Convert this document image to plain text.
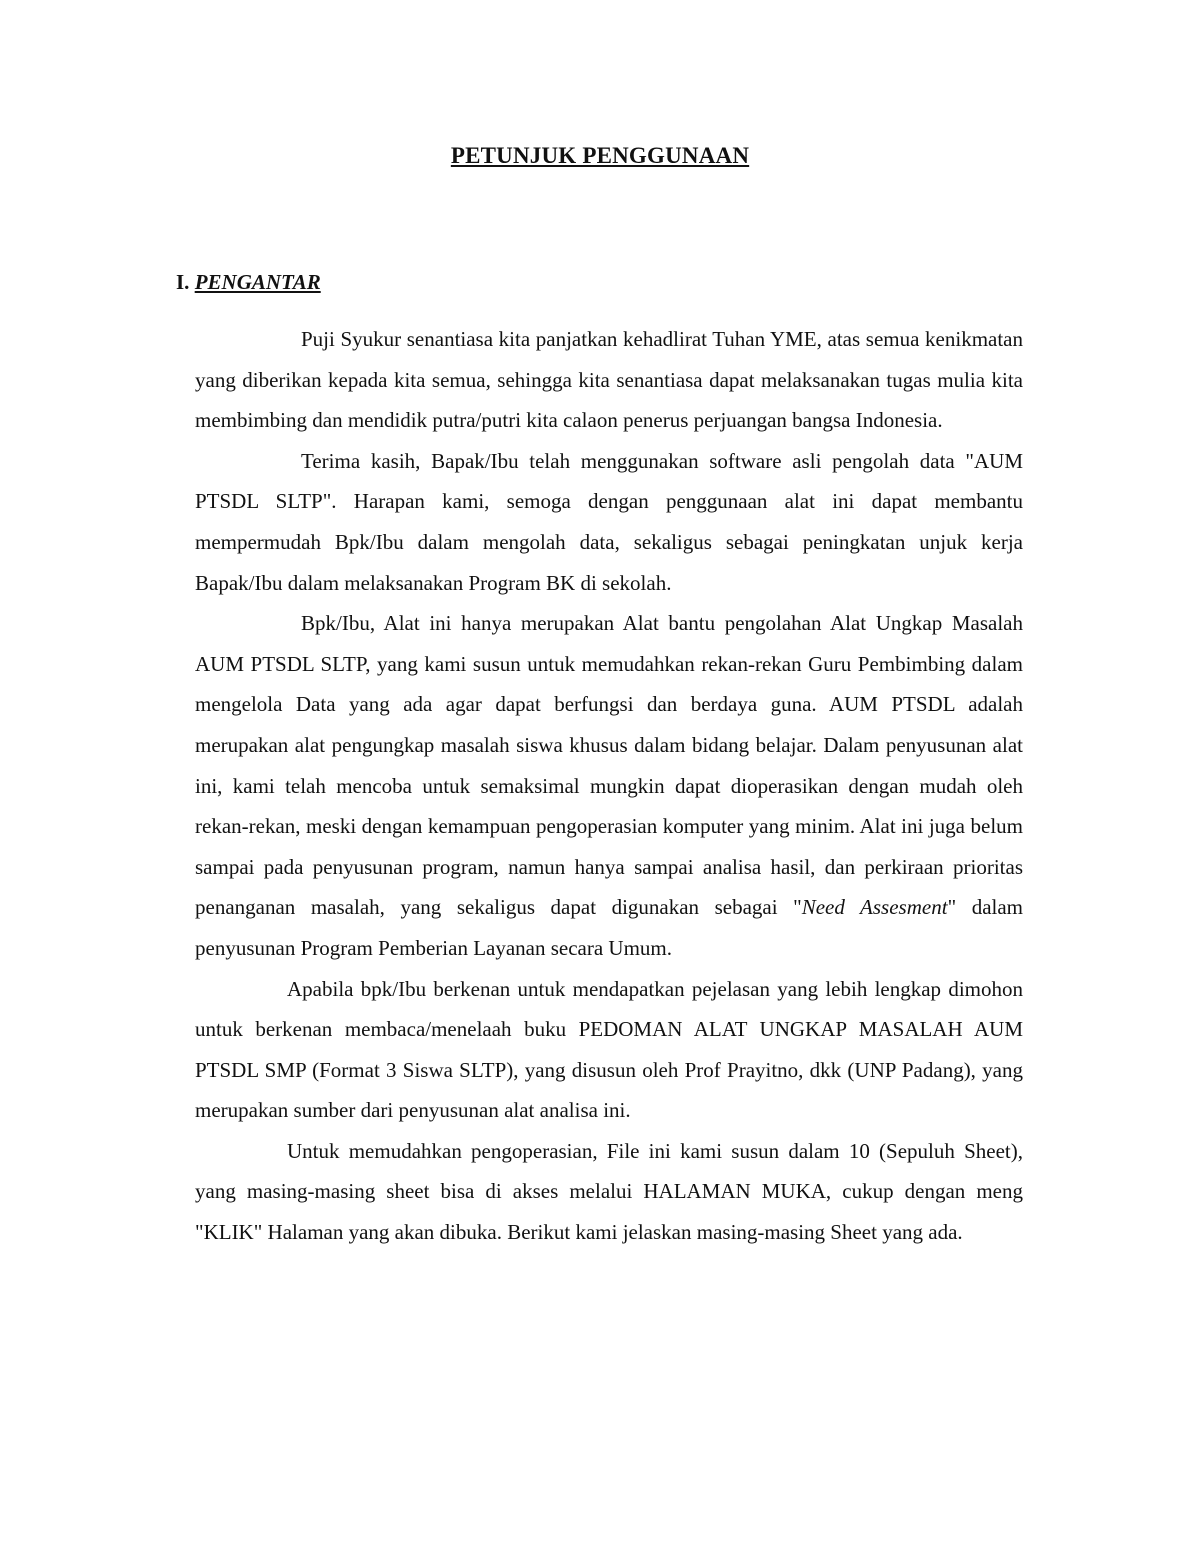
PETUNJUK PENGGUNAAN
I. PENGANTAR

Puji Syukur senantiasa kita panjatkan kehadlirat Tuhan YME, atas semua kenikmatan yang diberikan kepada kita semua, sehingga kita senantiasa dapat melaksanakan tugas mulia kita membimbing dan mendidik putra/putri kita calaon penerus perjuangan bangsa Indonesia.

Terima kasih, Bapak/Ibu telah menggunakan software asli pengolah data "AUM PTSDL SLTP". Harapan kami, semoga dengan penggunaan alat ini dapat membantu mempermudah Bpk/Ibu dalam mengolah data, sekaligus sebagai peningkatan unjuk kerja Bapak/Ibu dalam melaksanakan Program BK di sekolah.

Bpk/Ibu, Alat ini hanya merupakan Alat bantu pengolahan Alat Ungkap Masalah AUM PTSDL SLTP, yang kami susun untuk memudahkan rekan-rekan Guru Pembimbing dalam mengelola Data yang ada agar dapat berfungsi dan berdaya guna. AUM PTSDL adalah merupakan alat pengungkap masalah siswa khusus dalam bidang belajar. Dalam penyusunan alat ini, kami telah mencoba untuk semaksimal mungkin dapat dioperasikan dengan mudah oleh rekan-rekan, meski dengan kemampuan pengoperasian komputer yang minim. Alat ini juga belum sampai pada penyusunan program, namun hanya sampai analisa hasil, dan perkiraan prioritas penanganan masalah, yang sekaligus dapat digunakan sebagai "Need Assesment" dalam penyusunan Program Pemberian Layanan secara Umum.

Apabila bpk/Ibu berkenan untuk mendapatkan pejelasan yang lebih lengkap dimohon untuk berkenan membaca/menelaah buku PEDOMAN ALAT UNGKAP MASALAH AUM PTSDL SMP (Format 3 Siswa SLTP), yang disusun oleh Prof Prayitno, dkk (UNP Padang), yang merupakan sumber dari penyusunan alat analisa ini.

Untuk memudahkan pengoperasian, File ini kami susun dalam 10 (Sepuluh Sheet), yang masing-masing sheet bisa di akses melalui HALAMAN MUKA, cukup dengan meng "KLIK" Halaman yang akan dibuka. Berikut kami jelaskan masing-masing Sheet yang ada.
